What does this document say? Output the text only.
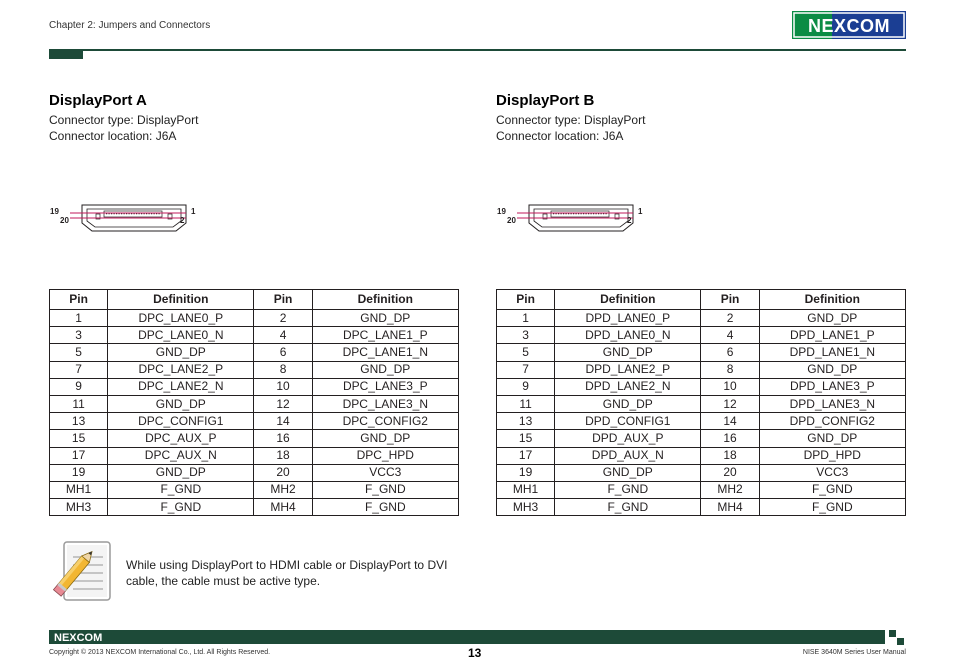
Chapter 2: Jumpers and Connectors	NEXCOM
DisplayPort A
Connector type: DisplayPort
Connector location: J6A
19
20
1
2
Pin	Definition	Pin	Definition
1	DPC_LANE0_P	2	GND_DP
3	DPC_LANE0_N	4	DPC_LANE1_P
5	GND_DP	6	DPC_LANE1_N
7	DPC_LANE2_P	8	GND_DP
9	DPC_LANE2_N	10	DPC_LANE3_P
11	GND_DP	12	DPC_LANE3_N
13	DPC_CONFIG1	14	DPC_CONFIG2
15	DPC_AUX_P	16	GND_DP
17	DPC_AUX_N	18	DPC_HPD
19	GND_DP	20	VCC3
MH1	F_GND	MH2	F_GND
MH3	F_GND	MH4	F_GND
DisplayPort B
Connector type: DisplayPort
Connector location: J6A
19
20
1
2
Pin	Definition	Pin	Definition
1	DPD_LANE0_P	2	GND_DP
3	DPD_LANE0_N	4	DPD_LANE1_P
5	GND_DP	6	DPD_LANE1_N
7	DPD_LANE2_P	8	GND_DP
9	DPD_LANE2_N	10	DPD_LANE3_P
11	GND_DP	12	DPD_LANE3_N
13	DPD_CONFIG1	14	DPD_CONFIG2
15	DPD_AUX_P	16	GND_DP
17	DPD_AUX_N	18	DPD_HPD
19	GND_DP	20	VCC3
MH1	F_GND	MH2	F_GND
MH3	F_GND	MH4	F_GND
While using DisplayPort to HDMI cable or DisplayPort to DVI cable, the cable must be active type.
NEXCOM
Copyright © 2013 NEXCOM International Co., Ltd. All Rights Reserved.	13	NISE 3640M Series User Manual
